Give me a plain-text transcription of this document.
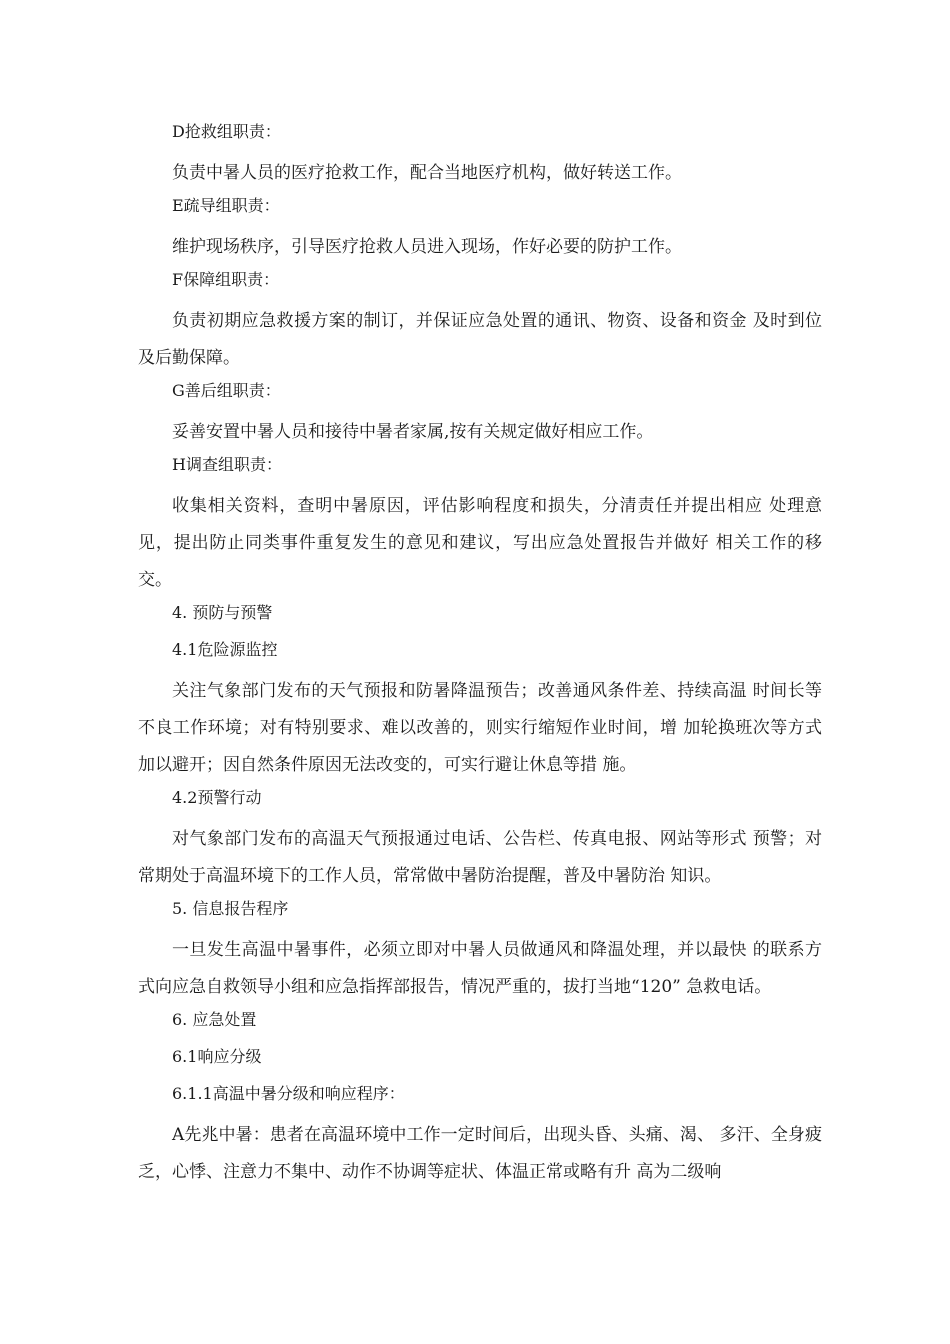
D抢救组职责：

负责中暑人员的医疗抢救工作，配合当地医疗机构，做好转送工作。

E疏导组职责：

维护现场秩序，引导医疗抢救人员进入现场，作好必要的防护工作。

F保障组职责：

负责初期应急救援方案的制订，并保证应急处置的通讯、物资、设备和资金 及时到位及后勤保障。

G善后组职责：

妥善安置中暑人员和接待中暑者家属,按有关规定做好相应工作。

H调查组职责：

收集相关资料，查明中暑原因，评估影响程度和损失，分清责任并提出相应 处理意见，提出防止同类事件重复发生的意见和建议，写出应急处置报告并做好 相关工作的移交。

4. 预防与预警
4.1危险源监控

关注气象部门发布的天气预报和防暑降温预告；改善通风条件差、持续高温 时间长等不良工作环境；对有特别要求、难以改善的，则实行缩短作业时间，增 加轮换班次等方式加以避开；因自然条件原因无法改变的，可实行避让休息等措 施。

4.2预警行动

对气象部门发布的高温天气预报通过电话、公告栏、传真电报、网站等形式 预警；对常期处于高温环境下的工作人员，常常做中暑防治提醒，普及中暑防治 知识。

5. 信息报告程序

一旦发生高温中暑事件，必须立即对中暑人员做通风和降温处理，并以最快 的联系方式向应急自救领导小组和应急指挥部报告，情况严重的，拔打当地“120” 急救电话。

6. 应急处置
6.1响应分级
6.1.1高温中暑分级和响应程序：

A先兆中暑：患者在高温环境中工作一定时间后，出现头昏、头痛、渴、 多汗、全身疲乏，心悸、注意力不集中、动作不协调等症状、体温正常或略有升 高为二级响
